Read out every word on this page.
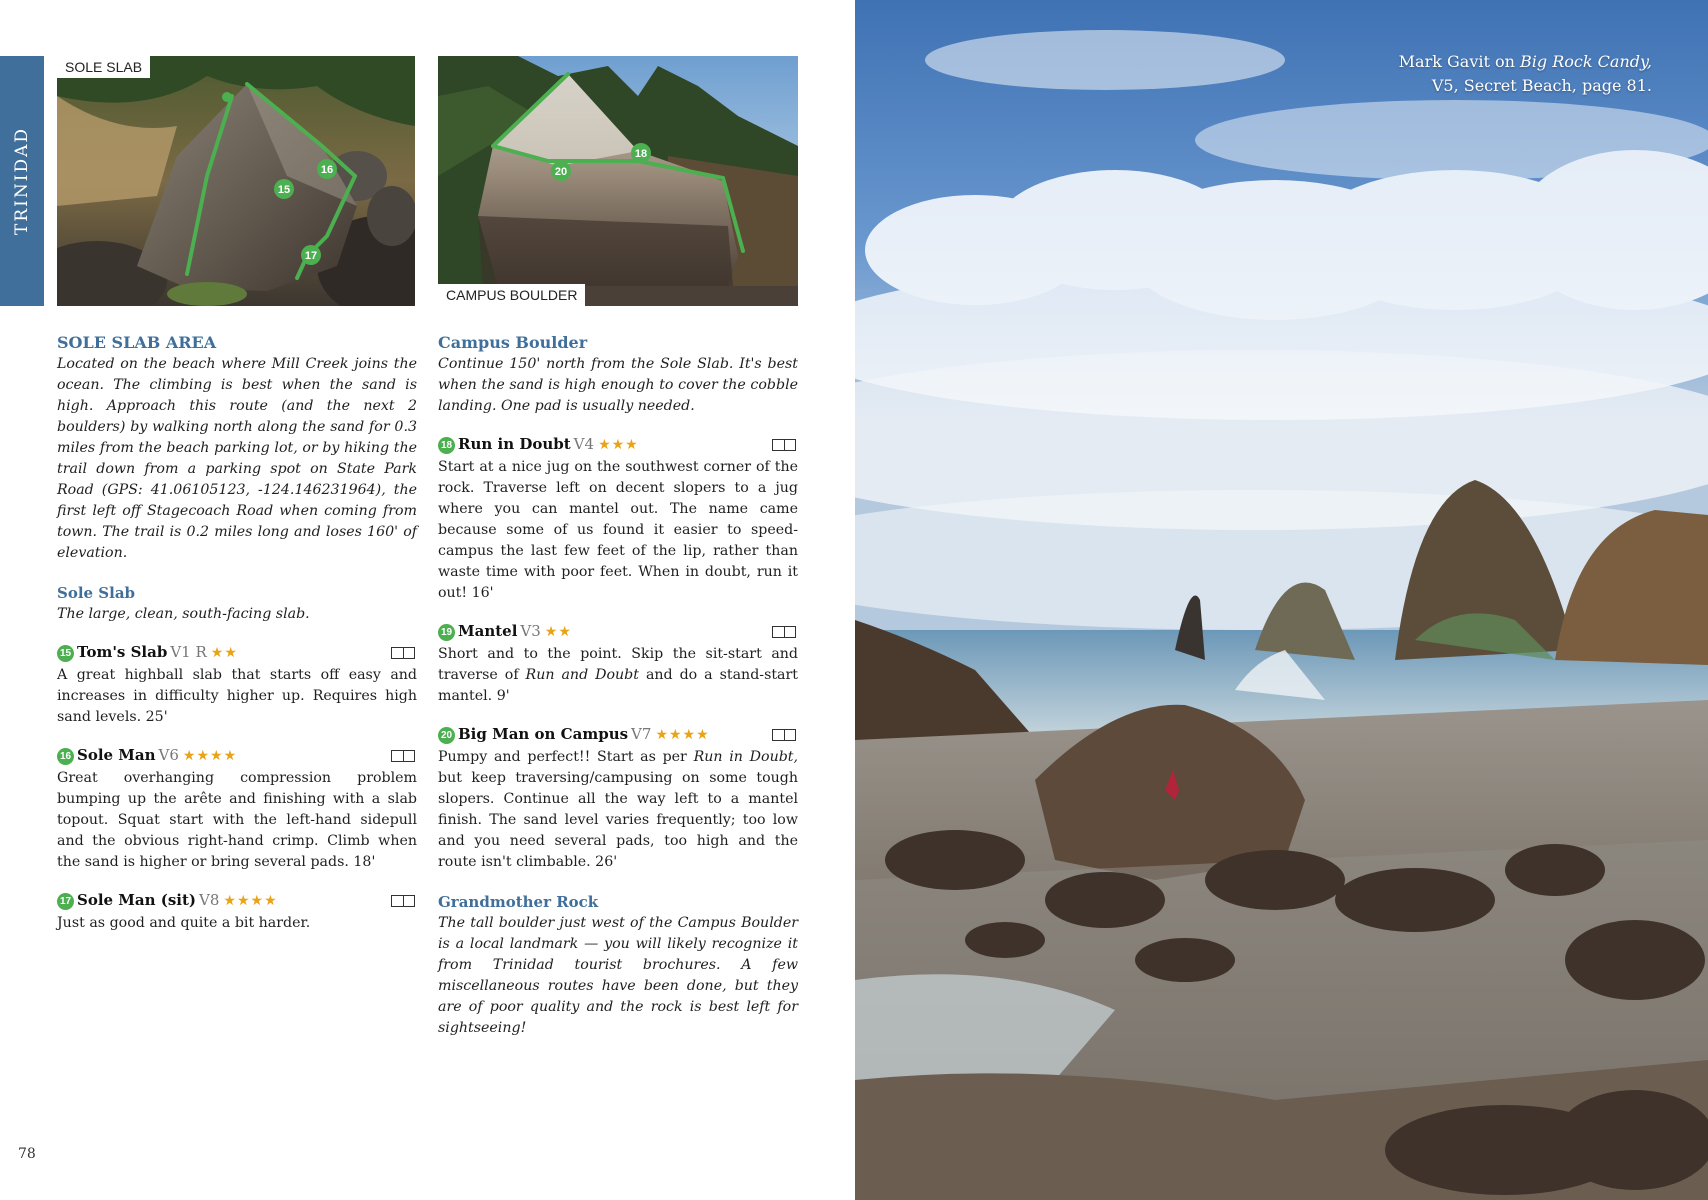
TRINIDAD	15
16
17
SOLE SLAB
20
18
CAMPUS BOULDER
SOLE SLAB AREA

Located on the beach where Mill Creek joins the ocean. The climbing is best when the sand is high. Approach this route (and the next 2 boulders) by walking north along the sand for 0.3 miles from the beach parking lot, or by hiking the trail down from a parking spot on State Park Road (GPS: 41.06105123, -124.146231964), the first left off Stagecoach Road when coming from town. The trail is 0.2 miles long and loses 160' of elevation.

Sole Slab

The large, clean, south-facing slab.

15 Tom's Slab V1 R ★★

A great highball slab that starts off easy and increases in difficulty higher up. Requires high sand levels. 25'

16 Sole Man V6 ★★★★

Great overhanging compression problem bumping up the arête and finishing with a slab topout. Squat start with the left-hand sidepull and the obvious right-hand crimp. Climb when the sand is higher or bring several pads. 18'

17 Sole Man (sit) V8 ★★★★

Just as good and quite a bit harder.

Campus Boulder

Continue 150' north from the Sole Slab. It's best when the sand is high enough to cover the cobble landing. One pad is usually needed.

18 Run in Doubt V4 ★★★

Start at a nice jug on the southwest corner of the rock. Traverse left on decent slopers to a jug where you can mantel out. The name came because some of us found it easier to speed-campus the last few feet of the lip, rather than waste time with poor feet. When in doubt, run it out! 16'

19 Mantel V3 ★★

Short and to the point. Skip the sit-start and traverse of Run and Doubt and do a stand-start mantel. 9'

20 Big Man on Campus V7 ★★★★

Pumpy and perfect!! Start as per Run in Doubt, but keep traversing/campusing on some tough slopers. Continue all the way left to a mantel finish. The sand level varies frequently; too low and you need several pads, too high and the route isn't climbable. 26'

Grandmother Rock

The tall boulder just west of the Campus Boulder is a local landmark — you will likely recognize it from Trinidad tourist brochures. A few miscellaneous routes have been done, but they are of poor quality and the rock is best left for sightseeing!

78
Mark Gavit on Big Rock Candy,
V5, Secret Beach, page 81.
